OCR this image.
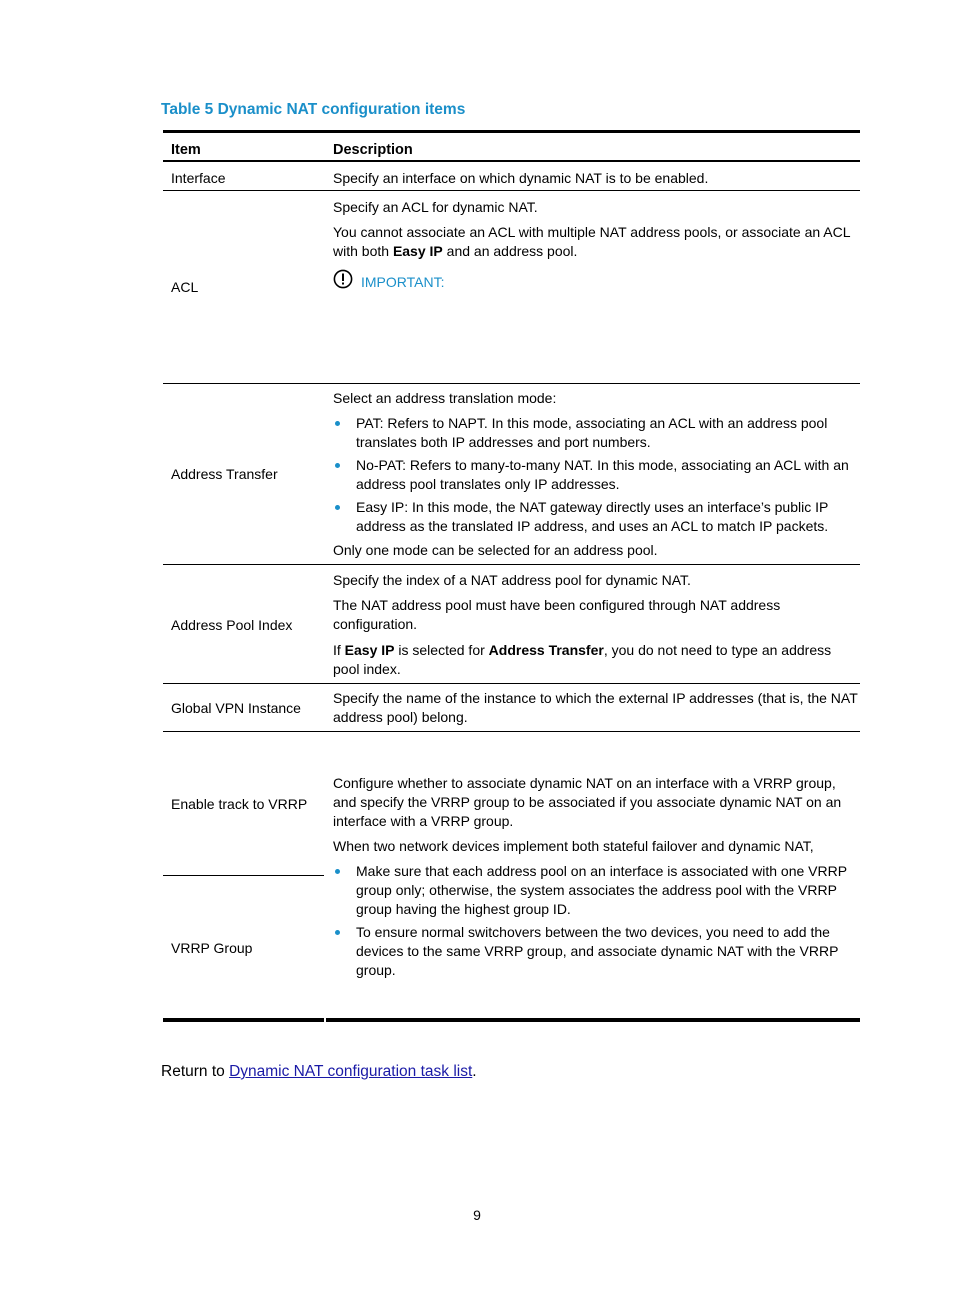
Table 5 Dynamic NAT configuration items
Item	Description
Interface	Specify an interface on which dynamic NAT is to be enabled.
ACL
Specify an ACL for dynamic NAT.
You cannot associate an ACL with multiple NAT address pools, or associate an ACL
with both Easy IP and an address pool.
IMPORTANT:
Address Transfer
Select an address translation mode:
PAT: Refers to NAPT. In this mode, associating an ACL with an address pool
translates both IP addresses and port numbers.
No-PAT: Refers to many-to-many NAT. In this mode, associating an ACL with an
address pool translates only IP addresses.
Easy IP: In this mode, the NAT gateway directly uses an interface’s public IP
address as the translated IP address, and uses an ACL to match IP packets.
Only one mode can be selected for an address pool.
Address Pool Index
Specify the index of a NAT address pool for dynamic NAT.
The NAT address pool must have been configured through NAT address
configuration.
If Easy IP is selected for Address Transfer, you do not need to type an address
pool index.
Global VPN Instance
Specify the name of the instance to which the external IP addresses (that is, the NAT
address pool) belong.
Enable track to VRRP
VRRP Group
Configure whether to associate dynamic NAT on an interface with a VRRP group,
and specify the VRRP group to be associated if you associate dynamic NAT on an
interface with a VRRP group.
When two network devices implement both stateful failover and dynamic NAT,
Make sure that each address pool on an interface is associated with one VRRP
group only; otherwise, the system associates the address pool with the VRRP
group having the highest group ID.
To ensure normal switchovers between the two devices, you need to add the
devices to the same VRRP group, and associate dynamic NAT with the VRRP
group.
Return to Dynamic NAT configuration task list.
9
